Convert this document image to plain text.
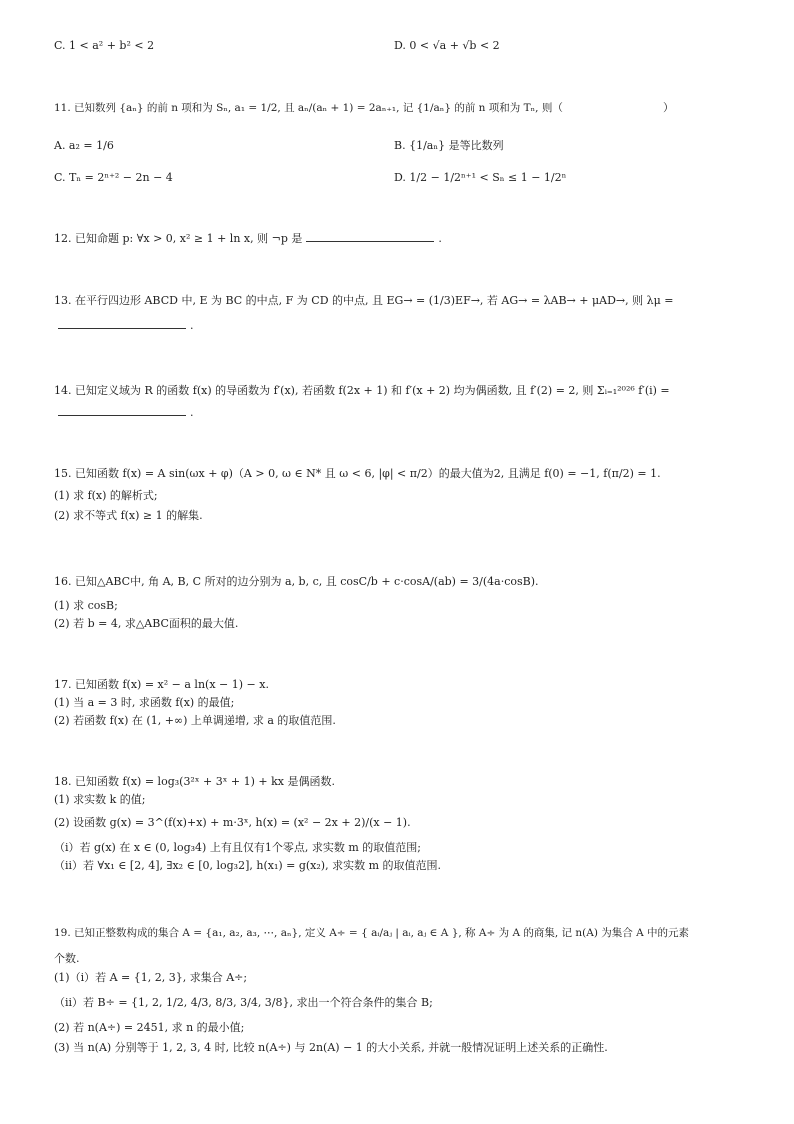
C. 1 < a² + b² < 2	D. 0 < √a + √b < 2
11. 已知数列 {aₙ} 的前 n 项和为 Sₙ, a₁ = 1/2, 且 aₙ/(aₙ + 1) = 2aₙ₊₁, 记 {1/aₙ} 的前 n 项和为 Tₙ, 则（	）
A. a₂ = 1/6	B. {1/aₙ} 是等比数列
C. Tₙ = 2ⁿ⁺² − 2n − 4	D. 1/2 − 1/2ⁿ⁺¹ < Sₙ ≤ 1 − 1/2ⁿ
12. 已知命题 p: ∀x > 0, x² ≥ 1 + ln x, 则 ¬p 是	.
13. 在平行四边形 ABCD 中, E 为 BC 的中点, F 为 CD 的中点, 且 EG→ = (1/3)EF→, 若 AG→ = λAB→ + μAD→, 则 λμ =
.
14. 已知定义域为 R 的函数 f(x) 的导函数为 f′(x), 若函数 f(2x + 1) 和 f′(x + 2) 均为偶函数, 且 f′(2) = 2, 则 Σᵢ₌₁²⁰²⁶ f′(i) =
.
15. 已知函数 f(x) = A sin(ωx + φ)（A > 0, ω ∈ N* 且 ω < 6, |φ| < π/2）的最大值为2, 且满足 f(0) = −1, f(π/2) = 1.
(1) 求 f(x) 的解析式;
(2) 求不等式 f(x) ≥ 1 的解集.
16. 已知△ABC中, 角 A, B, C 所对的边分别为 a, b, c, 且 cosC/b + c·cosA/(ab) = 3/(4a·cosB).
(1) 求 cosB;
(2) 若 b = 4, 求△ABC面积的最大值.
17. 已知函数 f(x) = x² − a ln(x − 1) − x.
(1) 当 a = 3 时, 求函数 f(x) 的最值;
(2) 若函数 f(x) 在 (1, +∞) 上单调递增, 求 a 的取值范围.
18. 已知函数 f(x) = log₃(3²ˣ + 3ˣ + 1) + kx 是偶函数.
(1) 求实数 k 的值;
(2) 设函数 g(x) = 3^(f(x)+x) + m·3ˣ, h(x) = (x² − 2x + 2)/(x − 1).
（i）若 g(x) 在 x ∈ (0, log₃4) 上有且仅有1个零点, 求实数 m 的取值范围;
（ii）若 ∀x₁ ∈ [2, 4], ∃x₂ ∈ [0, log₃2], h(x₁) = g(x₂), 求实数 m 的取值范围.
19. 已知正整数构成的集合 A = {a₁, a₂, a₃, ⋯, aₙ}, 定义 A÷ = { aᵢ/aⱼ | aᵢ, aⱼ ∈ A }, 称 A÷ 为 A 的商集, 记 n(A) 为集合 A 中的元素
个数.
(1)（i）若 A = {1, 2, 3}, 求集合 A÷;
（ii）若 B÷ = {1, 2, 1/2, 4/3, 8/3, 3/4, 3/8}, 求出一个符合条件的集合 B;
(2) 若 n(A÷) = 2451, 求 n 的最小值;
(3) 当 n(A) 分别等于 1, 2, 3, 4 时, 比较 n(A÷) 与 2n(A) − 1 的大小关系, 并就一般情况证明上述关系的正确性.
